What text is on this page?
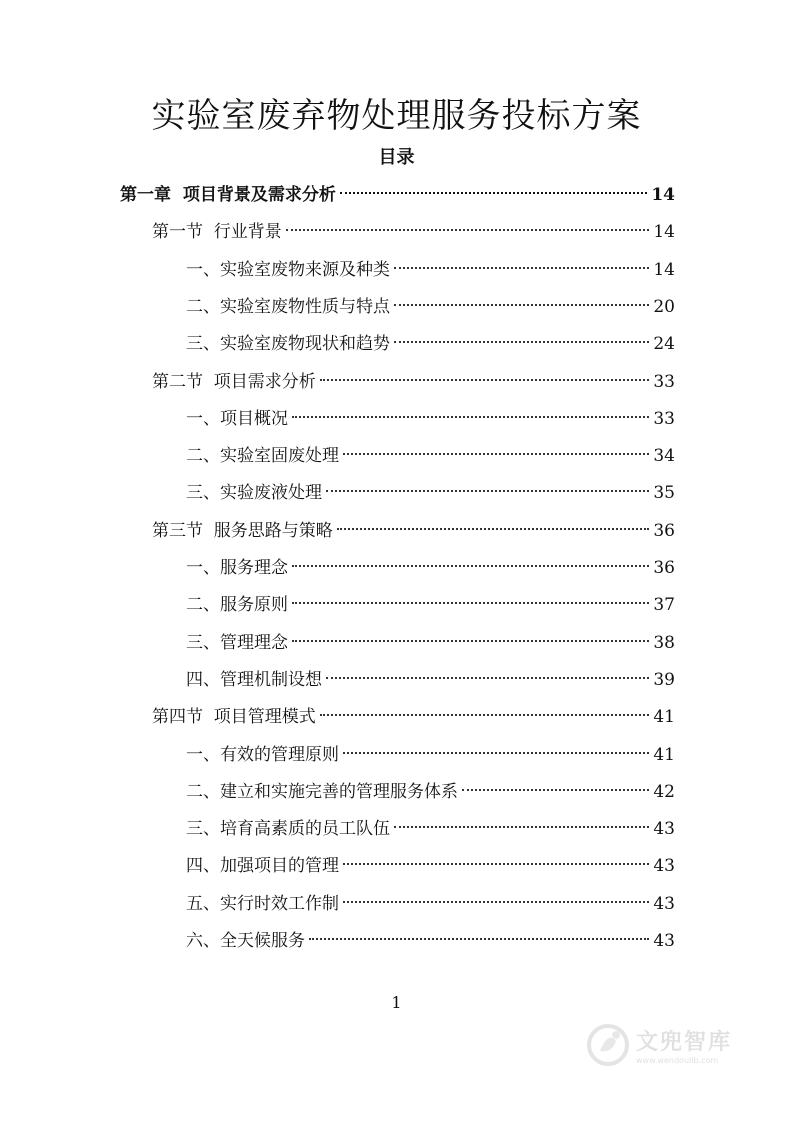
实验室废弃物处理服务投标方案
目录
第一章  项目背景及需求分析	14
第一节  行业背景	14
一、实验室废物来源及种类	14
二、实验室废物性质与特点	20
三、实验室废物现状和趋势	24
第二节  项目需求分析	33
一、项目概况	33
二、实验室固废处理	34
三、实验废液处理	35
第三节  服务思路与策略	36
一、服务理念	36
二、服务原则	37
三、管理理念	38
四、管理机制设想	39
第四节  项目管理模式	41
一、有效的管理原则	41
二、建立和实施完善的管理服务体系	42
三、培育高素质的员工队伍	43
四、加强项目的管理	43
五、实行时效工作制	43
六、全天候服务	43
1
文兜智库
www.wendoulib.com
